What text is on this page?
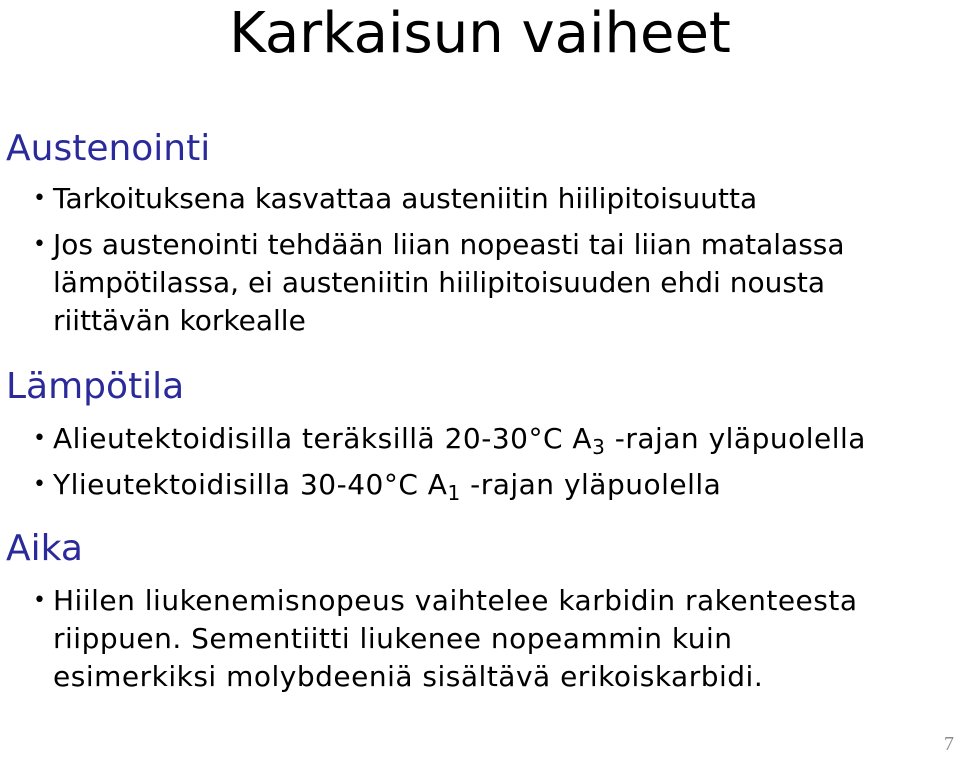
Karkaisun vaiheet
Austenointi
• Tarkoituksena kasvattaa austeniitin hiilipitoisuutta
• Jos austenointi tehdään liian nopeasti tai liian matalassa
lämpötilassa, ei austeniitin hiilipitoisuuden ehdi nousta
riittävän korkealle
Lämpötila
• Alieutektoidisilla teräksillä 20-30°C $A_3$ -rajan yläpuolella
• Ylieutektoidisilla 30-40°C $A_1$ -rajan yläpuolella
Aika
• Hiilen liukenemisnopeus vaihtelee karbidin rakenteesta
riippuen. Sementiitti liukenee nopeammin kuin
esimerkiksi molybdeeniä sisältävä erikoiskarbidi.
7
